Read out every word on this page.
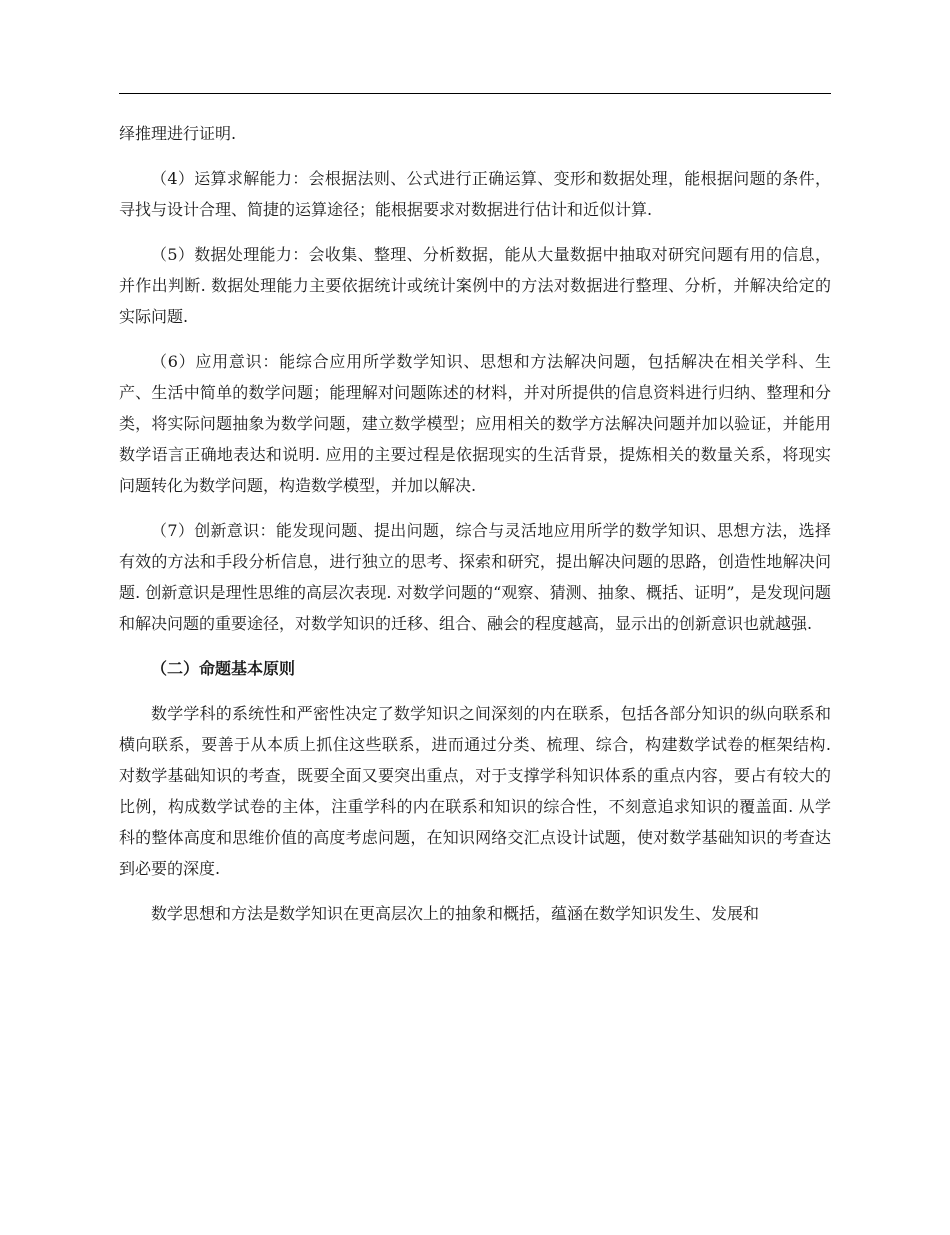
绎推理进行证明.

（4）运算求解能力：会根据法则、公式进行正确运算、变形和数据处理，能根据问题的条件，寻找与设计合理、简捷的运算途径；能根据要求对数据进行估计和近似计算.

（5）数据处理能力：会收集、整理、分析数据，能从大量数据中抽取对研究问题有用的信息，并作出判断. 数据处理能力主要依据统计或统计案例中的方法对数据进行整理、分析，并解决给定的实际问题.

（6）应用意识：能综合应用所学数学知识、思想和方法解决问题，包括解决在相关学科、生产、生活中简单的数学问题；能理解对问题陈述的材料，并对所提供的信息资料进行归纳、整理和分类，将实际问题抽象为数学问题，建立数学模型；应用相关的数学方法解决问题并加以验证，并能用数学语言正确地表达和说明. 应用的主要过程是依据现实的生活背景，提炼相关的数量关系，将现实问题转化为数学问题，构造数学模型，并加以解决.

（7）创新意识：能发现问题、提出问题，综合与灵活地应用所学的数学知识、思想方法，选择有效的方法和手段分析信息，进行独立的思考、探索和研究，提出解决问题的思路，创造性地解决问题. 创新意识是理性思维的高层次表现. 对数学问题的“观察、猜测、抽象、概括、证明”，是发现问题和解决问题的重要途径，对数学知识的迁移、组合、融会的程度越高，显示出的创新意识也就越强.

（二）命题基本原则

数学学科的系统性和严密性决定了数学知识之间深刻的内在联系，包括各部分知识的纵向联系和横向联系，要善于从本质上抓住这些联系，进而通过分类、梳理、综合，构建数学试卷的框架结构. 对数学基础知识的考查，既要全面又要突出重点，对于支撑学科知识体系的重点内容，要占有较大的比例，构成数学试卷的主体，注重学科的内在联系和知识的综合性，不刻意追求知识的覆盖面. 从学科的整体高度和思维价值的高度考虑问题，在知识网络交汇点设计试题，使对数学基础知识的考查达到必要的深度.

数学思想和方法是数学知识在更高层次上的抽象和概括，蕴涵在数学知识发生、发展和
